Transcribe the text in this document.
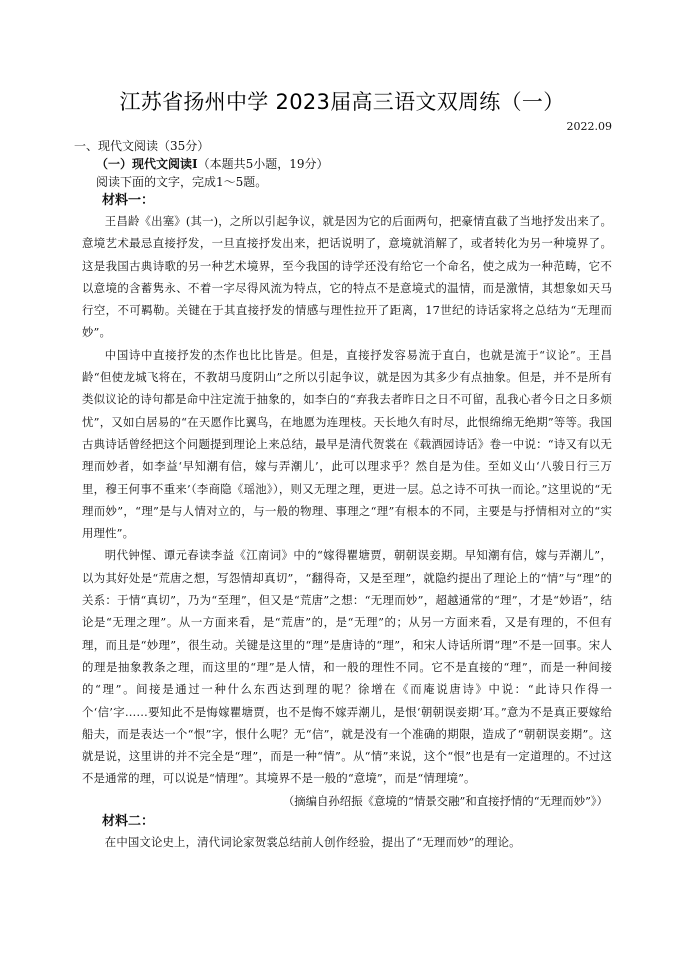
江苏省扬州中学 2023届高三语文双周练（一）
2022.09
一、现代文阅读（35分）
（一）现代文阅读Ⅰ（本题共5小题，19分）
阅读下面的文字，完成1～5题。
材料一：

王昌龄《出塞》(其一)，之所以引起争议，就是因为它的后面两句，把豪情直截了当地抒发出来了。意境艺术最忌直接抒发，一旦直接抒发出来，把话说明了，意境就消解了，或者转化为另一种境界了。这是我国古典诗歌的另一种艺术境界，至今我国的诗学还没有给它一个命名，使之成为一种范畴，它不以意境的含蓄隽永、不着一字尽得风流为特点，它的特点不是意境式的温情，而是激情，其想象如天马行空，不可羁勒。关键在于其直接抒发的情感与理性拉开了距离，17世纪的诗话家将之总结为“无理而妙”。

中国诗中直接抒发的杰作也比比皆是。但是，直接抒发容易流于直白，也就是流于“议论”。王昌龄“但使龙城飞将在，不教胡马度阴山”之所以引起争议，就是因为其多少有点抽象。但是，并不是所有类似议论的诗句都是命中注定流于抽象的，如李白的“弃我去者昨日之日不可留，乱我心者今日之日多烦忧”，又如白居易的“在天愿作比翼鸟，在地愿为连理枝。天长地久有时尽，此恨绵绵无绝期”等等。我国古典诗话曾经把这个问题提到理论上来总结，最早是清代贺裳在《载酒园诗话》卷一中说：“诗又有以无理而妙者，如李益‘早知潮有信，嫁与弄潮儿’，此可以理求乎？然自是为佳。至如义山‘八骏日行三万里，穆王何事不重来’（李商隐《瑶池》），则又无理之理，更进一层。总之诗不可执一而论。”这里说的“无理而妙”，“理”是与人情对立的，与一般的物理、事理之“理”有根本的不同，主要是与抒情相对立的“实用理性”。

明代钟惺、谭元春读李益《江南词》中的“嫁得瞿塘贾，朝朝误妾期。早知潮有信，嫁与弄潮儿”，以为其好处是“荒唐之想，写怨情却真切”，“翻得奇，又是至理”，就隐约提出了理论上的“情”与“理”的关系：于情“真切”，乃为“至理”，但又是“荒唐”之想：“无理而妙”，超越通常的“理”，才是“妙语”，结论是“无理之理”。从一方面来看，是“荒唐”的，是“无理”的；从另一方面来看，又是有理的，不但有理，而且是“妙理”，很生动。关键是这里的“理”是唐诗的“理”，和宋人诗话所谓“理”不是一回事。宋人的理是抽象教条之理，而这里的“理”是人情，和一般的理性不同。它不是直接的“理”，而是一种间接的“理”。间接是通过一种什么东西达到理的呢？徐增在《而庵说唐诗》中说：“此诗只作得一个‘信’字……要知此不是悔嫁瞿塘贾，也不是悔不嫁弄潮儿，是恨‘朝朝误妾期’耳。”意为不是真正要嫁给船夫，而是表达一个“恨”字，恨什么呢？无“信”，就是没有一个准确的期限，造成了“朝朝误妾期”。这就是说，这里讲的并不完全是“理”，而是一种“情”。从“情”来说，这个“恨”也是有一定道理的。不过这不是通常的理，可以说是“情理”。其境界不是一般的“意境”，而是“情理境”。

（摘编自孙绍振《意境的“情景交融”和直接抒情的“无理而妙”》）
材料二：

在中国文论史上，清代词论家贺裳总结前人创作经验，提出了“无理而妙”的理论。
